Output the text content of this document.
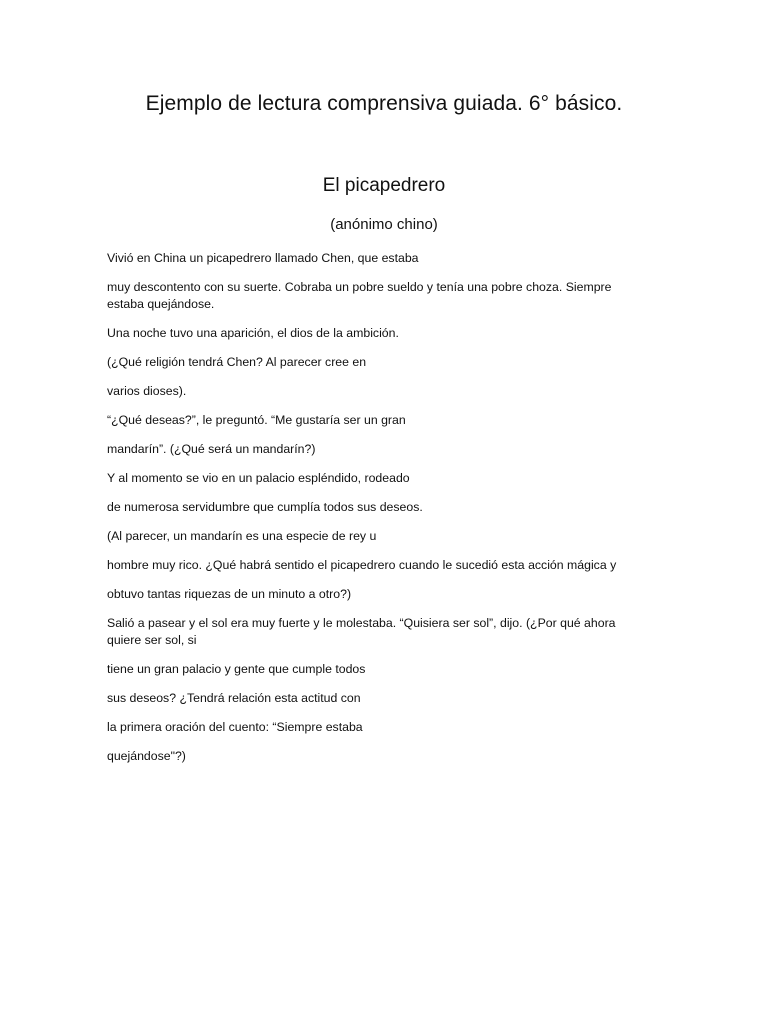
Ejemplo de lectura comprensiva guiada. 6° básico.
El picapedrero

(anónimo chino)

Vivió en China un picapedrero llamado Chen, que estaba

muy descontento con su suerte. Cobraba un pobre sueldo y tenía una pobre choza. Siempre estaba quejándose.

Una noche tuvo una aparición, el dios de la ambición.

(¿Qué religión tendrá Chen? Al parecer cree en

varios dioses).

“¿Qué deseas?”, le preguntó. “Me gustaría ser un gran

mandarín”. (¿Qué será un mandarín?)

Y al momento se vio en un palacio espléndido, rodeado

de numerosa servidumbre que cumplía todos sus deseos.

(Al parecer, un mandarín es una especie de rey u

hombre muy rico. ¿Qué habrá sentido el picapedrero cuando le sucedió esta acción mágica y

obtuvo tantas riquezas de un minuto a otro?)

Salió a pasear y el sol era muy fuerte y le molestaba. “Quisiera ser sol”, dijo. (¿Por qué ahora quiere ser sol, si

tiene un gran palacio y gente que cumple todos

sus deseos? ¿Tendrá relación esta actitud con

la primera oración del cuento: “Siempre estaba

quejándose"?)
